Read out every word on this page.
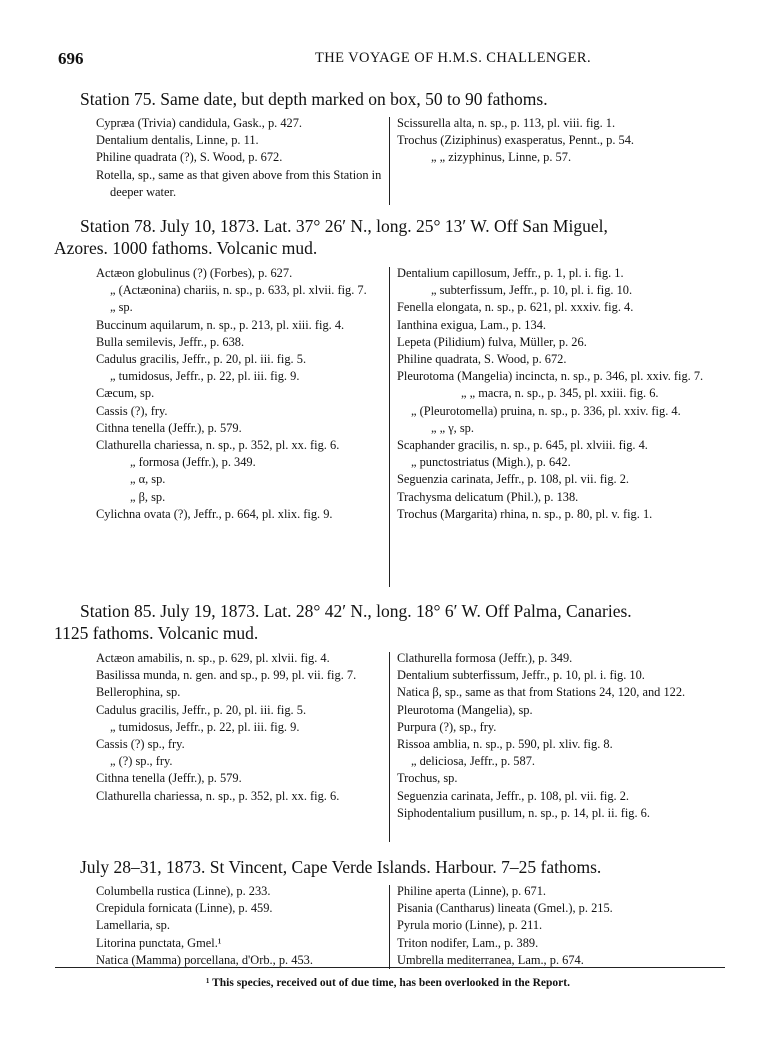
696	THE VOYAGE OF H.M.S. CHALLENGER.
Station 75. Same date, but depth marked on box, 50 to 90 fathoms.
Cypræa (Trivia) candidula, Gask., p. 427.
Dentalium dentalis, Linne, p. 11.
Philine quadrata (?), S. Wood, p. 672.
Rotella, sp., same as that given above from this Station in deeper water.
Scissurella alta, n. sp., p. 113, pl. viii. fig. 1.
Trochus (Ziziphinus) exasperatus, Pennt., p. 54.
„ „ zizyphinus, Linne, p. 57.
Station 78. July 10, 1873. Lat. 37° 26′ N., long. 25° 13′ W. Off San Miguel,
Azores. 1000 fathoms. Volcanic mud.
Actæon globulinus (?) (Forbes), p. 627.
„ (Actæonina) chariis, n. sp., p. 633, pl. xlvii. fig. 7.
„ sp.
Buccinum aquilarum, n. sp., p. 213, pl. xiii. fig. 4.
Bulla semilevis, Jeffr., p. 638.
Cadulus gracilis, Jeffr., p. 20, pl. iii. fig. 5.
„ tumidosus, Jeffr., p. 22, pl. iii. fig. 9.
Cæcum, sp.
Cassis (?), fry.
Cithna tenella (Jeffr.), p. 579.
Clathurella chariessa, n. sp., p. 352, pl. xx. fig. 6.
„ formosa (Jeffr.), p. 349.
„ α, sp.
„ β, sp.
Cylichna ovata (?), Jeffr., p. 664, pl. xlix. fig. 9.
Dentalium capillosum, Jeffr., p. 1, pl. i. fig. 1.
„ subterfissum, Jeffr., p. 10, pl. i. fig. 10.
Fenella elongata, n. sp., p. 621, pl. xxxiv. fig. 4.
Ianthina exigua, Lam., p. 134.
Lepeta (Pilidium) fulva, Müller, p. 26.
Philine quadrata, S. Wood, p. 672.
Pleurotoma (Mangelia) incincta, n. sp., p. 346, pl. xxiv. fig. 7.
„ „ macra, n. sp., p. 345, pl. xxiii. fig. 6.
„ (Pleurotomella) pruina, n. sp., p. 336, pl. xxiv. fig. 4.
„ „ γ, sp.
Scaphander gracilis, n. sp., p. 645, pl. xlviii. fig. 4.
„ punctostriatus (Migh.), p. 642.
Seguenzia carinata, Jeffr., p. 108, pl. vii. fig. 2.
Trachysma delicatum (Phil.), p. 138.
Trochus (Margarita) rhina, n. sp., p. 80, pl. v. fig. 1.
Station 85. July 19, 1873. Lat. 28° 42′ N., long. 18° 6′ W. Off Palma, Canaries.
1125 fathoms. Volcanic mud.
Actæon amabilis, n. sp., p. 629, pl. xlvii. fig. 4.
Basilissa munda, n. gen. and sp., p. 99, pl. vii. fig. 7.
Bellerophina, sp.
Cadulus gracilis, Jeffr., p. 20, pl. iii. fig. 5.
„ tumidosus, Jeffr., p. 22, pl. iii. fig. 9.
Cassis (?) sp., fry.
„ (?) sp., fry.
Cithna tenella (Jeffr.), p. 579.
Clathurella chariessa, n. sp., p. 352, pl. xx. fig. 6.
Clathurella formosa (Jeffr.), p. 349.
Dentalium subterfissum, Jeffr., p. 10, pl. i. fig. 10.
Natica β, sp., same as that from Stations 24, 120, and 122.
Pleurotoma (Mangelia), sp.
Purpura (?), sp., fry.
Rissoa amblia, n. sp., p. 590, pl. xliv. fig. 8.
„ deliciosa, Jeffr., p. 587.
Trochus, sp.
Seguenzia carinata, Jeffr., p. 108, pl. vii. fig. 2.
Siphodentalium pusillum, n. sp., p. 14, pl. ii. fig. 6.
July 28–31, 1873. St Vincent, Cape Verde Islands. Harbour. 7–25 fathoms.
Columbella rustica (Linne), p. 233.
Crepidula fornicata (Linne), p. 459.
Lamellaria, sp.
Litorina punctata, Gmel.¹
Natica (Mamma) porcellana, d'Orb., p. 453.
Philine aperta (Linne), p. 671.
Pisania (Cantharus) lineata (Gmel.), p. 215.
Pyrula morio (Linne), p. 211.
Triton nodifer, Lam., p. 389.
Umbrella mediterranea, Lam., p. 674.
¹ This species, received out of due time, has been overlooked in the Report.
